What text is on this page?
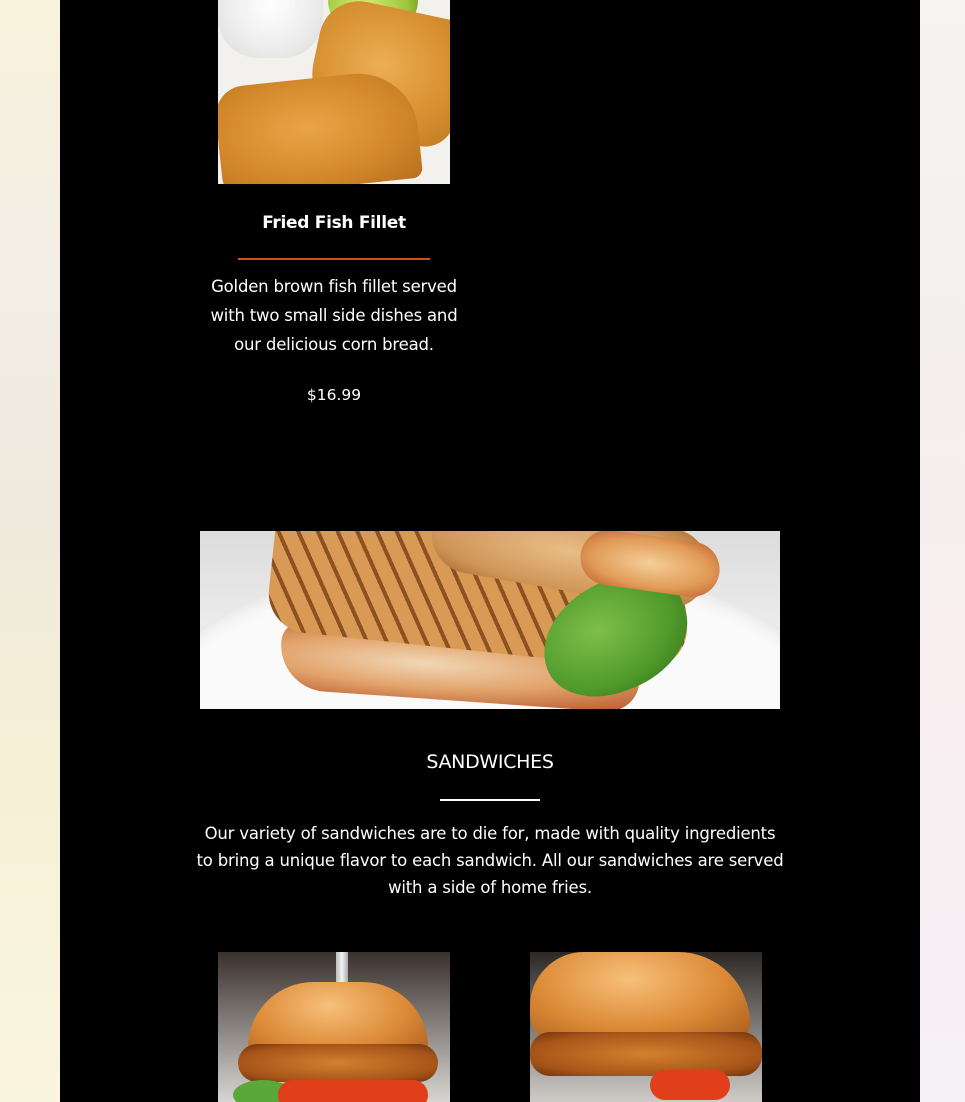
Fried Fish Fillet
Golden brown fish fillet served with two small side dishes and our delicious corn bread.
$16.99
SANDWICHES
Our variety of sandwiches are to die for, made with quality ingredients to bring a unique flavor to each sandwich. All our sandwiches are served with a side of home fries.
